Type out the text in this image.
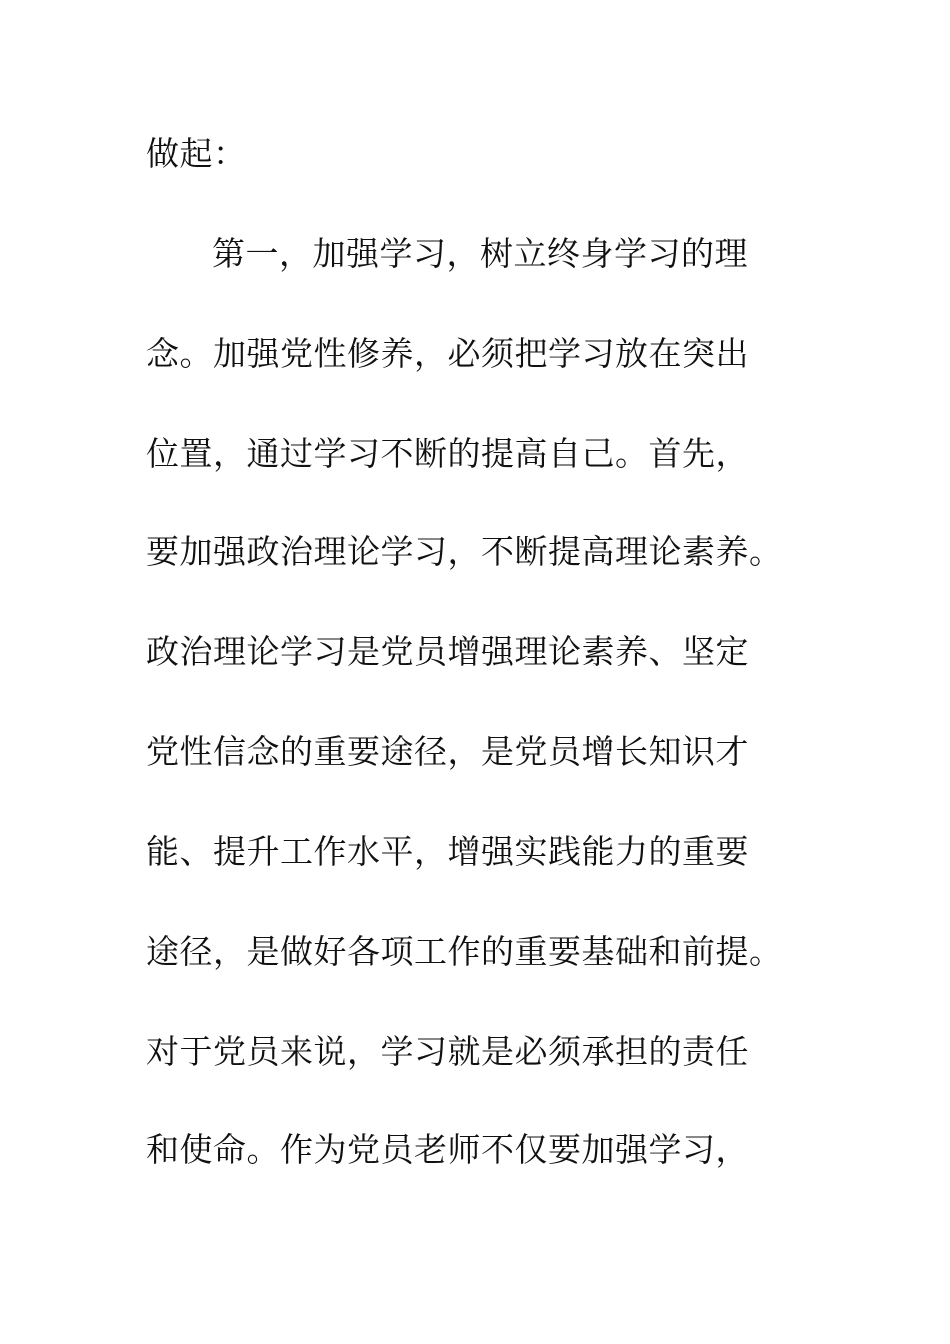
做起：
第一，加强学习，树立终身学习的理
念。加强党性修养，必须把学习放在突出
位置，通过学习不断的提高自己。首先，
要加强政治理论学习，不断提高理论素养。
政治理论学习是党员增强理论素养、坚定
党性信念的重要途径，是党员增长知识才
能、提升工作水平，增强实践能力的重要
途径，是做好各项工作的重要基础和前提。
对于党员来说，学习就是必须承担的责任
和使命。作为党员老师不仅要加强学习，
